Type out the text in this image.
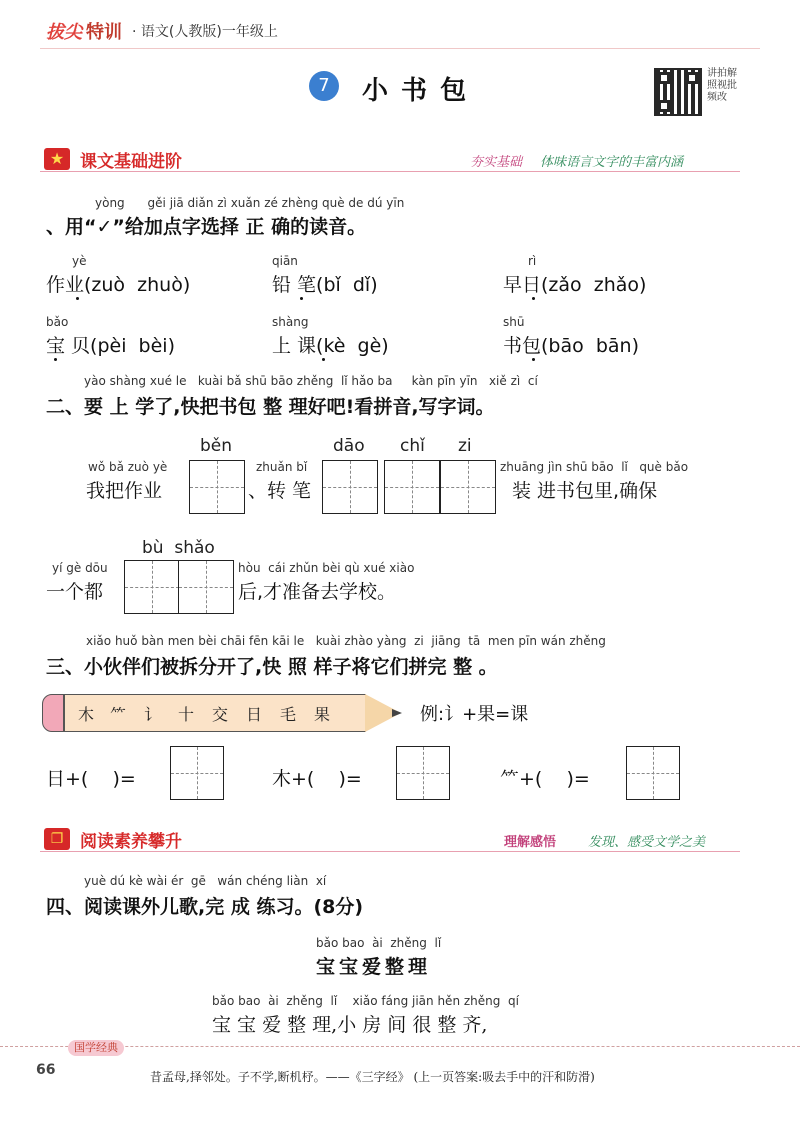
拔尖 特训 · 语文(人教版)一年级上
7	小 书 包
讲拍解照视批频改
★ 课文基础进阶	夯实基础 体味语言文字的丰富内涵
yòng      gěi jiā diǎn zì xuǎn zé zhèng què de dú yīn
、用“✓”给加点字选择 正 确的读音。
yè
作业(zuò  zhuò)
qiān
铅 笔(bǐ  dǐ)
rì
早日(zǎo  zhǎo)
bǎo
宝 贝(pèi  bèi)
shàng
上 课(kè  gè)
shū
书包(bāo  bān)
yào shàng xué le   kuài bǎ shū bāo zhěng  lǐ hǎo ba     kàn pīn yīn   xiě zì  cí
二、要 上 学了,快把书包 整 理好吧!看拼音,写字词。
běn	dāo chǐ zi
wǒ bǎ zuò yè
我把作业
zhuǎn bǐ
、转 笔
zhuāng jìn shū bāo  lǐ   què bǎo
装 进书包里,确保
bù  shǎo
yí gè dōu
一个都
hòu  cái zhǔn bèi qù xué xiào
后,才准备去学校。
xiǎo huǒ bàn men bèi chāi fēn kāi le   kuài zhào yàng  zi  jiāng  tā  men pīn wán zhěng
三、小伙伴们被拆分开了,快 照 样子将它们拼完 整 。
木 ⺮ 讠 十 交 日 毛 果	例:讠+果=课
日+(    )=	木+(    )=	⺮+(    )=
❐ 阅读素养攀升	理解感悟 发现、感受文学之美
yuè dú kè wài ér  gē   wán chéng liàn  xí
四、阅读课外儿歌,完 成 练习。(8分)
bǎo bao  ài  zhěng  lǐ
宝宝爱整理
bǎo bao  ài  zhěng  lǐ    xiǎo fáng jiān hěn zhěng  qí
宝 宝 爱 整 理,小 房 间 很 整 齐,
国学经典
66	昔孟母,择邻处。子不学,断机杼。——《三字经》 (上一页答案:吸去手中的汗和防滑)
